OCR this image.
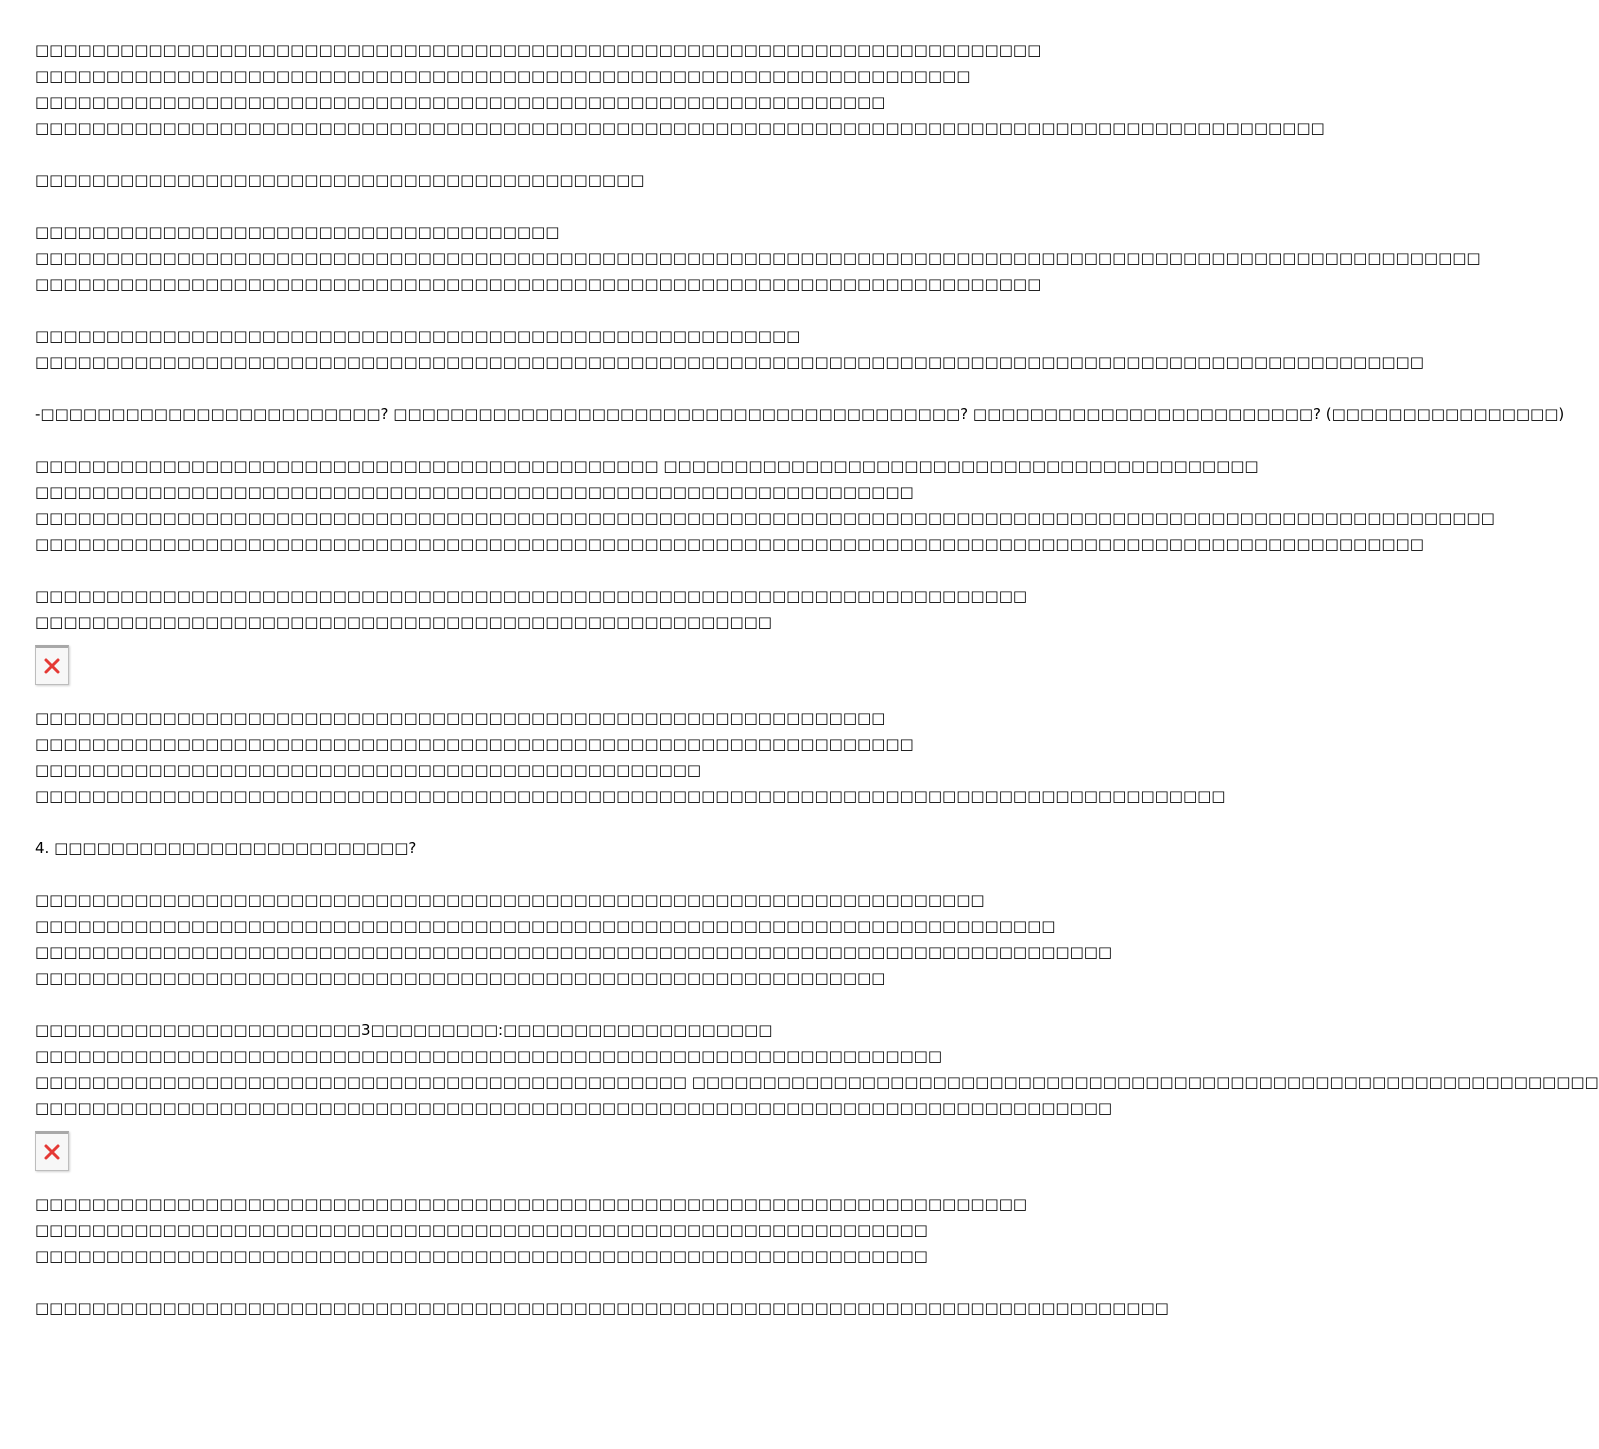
□□□□□□□□□□□□□□□□□□□□□□□□□□□□□□□□□□□□□□□□□□□□□□□□□□□□□□□□□□□□□□□□□□□□□□□
□□□□□□□□□□□□□□□□□□□□□□□□□□□□□□□□□□□□□□□□□□□□□□□□□□□□□□□□□□□□□□□□□□
□□□□□□□□□□□□□□□□□□□□□□□□□□□□□□□□□□□□□□□□□□□□□□□□□□□□□□□□□□□□
□□□□□□□□□□□□□□□□□□□□□□□□□□□□□□□□□□□□□□□□□□□□□□□□□□□□□□□□□□□□□□□□□□□□□□□□□□□□□□□□□□□□□□□□□□□
□□□□□□□□□□□□□□□□□□□□□□□□□□□□□□□□□□□□□□□□□□□
□□□□□□□□□□□□□□□□□□□□□□□□□□□□□□□□□□□□□
□□□□□□□□□□□□□□□□□□□□□□□□□□□□□□□□□□□□□□□□□□□□□□□□□□□□□□□□□□□□□□□□□□□□□□□□□□□□□□□□□□□□□□□□□□□□□□□□□□□□□□
□□□□□□□□□□□□□□□□□□□□□□□□□□□□□□□□□□□□□□□□□□□□□□□□□□□□□□□□□□□□□□□□□□□□□□□
□□□□□□□□□□□□□□□□□□□□□□□□□□□□□□□□□□□□□□□□□□□□□□□□□□□□□□
□□□□□□□□□□□□□□□□□□□□□□□□□□□□□□□□□□□□□□□□□□□□□□□□□□□□□□□□□□□□□□□□□□□□□□□□□□□□□□□□□□□□□□□□□□□□□□□□□□
-□□□□□□□□□□□□□□□□□□□□□□□□? □□□□□□□□□□□□□□□□□□□□□□□□□□□□□□□□□□□□□□□□? □□□□□□□□□□□□□□□□□□□□□□□□? (□□□□□□□□□□□□□□□□)
□□□□□□□□□□□□□□□□□□□□□□□□□□□□□□□□□□□□□□□□□□□□ □□□□□□□□□□□□□□□□□□□□□□□□□□□□□□□□□□□□□□□□□□
□□□□□□□□□□□□□□□□□□□□□□□□□□□□□□□□□□□□□□□□□□□□□□□□□□□□□□□□□□□□□□
□□□□□□□□□□□□□□□□□□□□□□□□□□□□□□□□□□□□□□□□□□□□□□□□□□□□□□□□□□□□□□□□□□□□□□□□□□□□□□□□□□□□□□□□□□□□□□□□□□□□□□□
□□□□□□□□□□□□□□□□□□□□□□□□□□□□□□□□□□□□□□□□□□□□□□□□□□□□□□□□□□□□□□□□□□□□□□□□□□□□□□□□□□□□□□□□□□□□□□□□□□
□□□□□□□□□□□□□□□□□□□□□□□□□□□□□□□□□□□□□□□□□□□□□□□□□□□□□□□□□□□□□□□□□□□□□□
□□□□□□□□□□□□□□□□□□□□□□□□□□□□□□□□□□□□□□□□□□□□□□□□□□□□
□□□□□□□□□□□□□□□□□□□□□□□□□□□□□□□□□□□□□□□□□□□□□□□□□□□□□□□□□□□□
□□□□□□□□□□□□□□□□□□□□□□□□□□□□□□□□□□□□□□□□□□□□□□□□□□□□□□□□□□□□□□
□□□□□□□□□□□□□□□□□□□□□□□□□□□□□□□□□□□□□□□□□□□□□□□
□□□□□□□□□□□□□□□□□□□□□□□□□□□□□□□□□□□□□□□□□□□□□□□□□□□□□□□□□□□□□□□□□□□□□□□□□□□□□□□□□□□□
4. □□□□□□□□□□□□□□□□□□□□□□□□□?
□□□□□□□□□□□□□□□□□□□□□□□□□□□□□□□□□□□□□□□□□□□□□□□□□□□□□□□□□□□□□□□□□□□
□□□□□□□□□□□□□□□□□□□□□□□□□□□□□□□□□□□□□□□□□□□□□□□□□□□□□□□□□□□□□□□□□□□□□□□□
□□□□□□□□□□□□□□□□□□□□□□□□□□□□□□□□□□□□□□□□□□□□□□□□□□□□□□□□□□□□□□□□□□□□□□□□□□□□
□□□□□□□□□□□□□□□□□□□□□□□□□□□□□□□□□□□□□□□□□□□□□□□□□□□□□□□□□□□□
□□□□□□□□□□□□□□□□□□□□□□□3□□□□□□□□□:□□□□□□□□□□□□□□□□□□□
□□□□□□□□□□□□□□□□□□□□□□□□□□□□□□□□□□□□□□□□□□□□□□□□□□□□□□□□□□□□□□□□
□□□□□□□□□□□□□□□□□□□□□□□□□□□□□□□□□□□□□□□□□□□□□□ □□□□□□□□□□□□□□□□□□□□□□□□□□□□□□□□□□□□□□□□□□□□□□□□□□□□□□□□□□□□□□□□
□□□□□□□□□□□□□□□□□□□□□□□□□□□□□□□□□□□□□□□□□□□□□□□□□□□□□□□□□□□□□□□□□□□□□□□□□□□□
□□□□□□□□□□□□□□□□□□□□□□□□□□□□□□□□□□□□□□□□□□□□□□□□□□□□□□□□□□□□□□□□□□□□□□
□□□□□□□□□□□□□□□□□□□□□□□□□□□□□□□□□□□□□□□□□□□□□□□□□□□□□□□□□□□□□□□
□□□□□□□□□□□□□□□□□□□□□□□□□□□□□□□□□□□□□□□□□□□□□□□□□□□□□□□□□□□□□□□
□□□□□□□□□□□□□□□□□□□□□□□□□□□□□□□□□□□□□□□□□□□□□□□□□□□□□□□□□□□□□□□□□□□□□□□□□□□□□□□□
